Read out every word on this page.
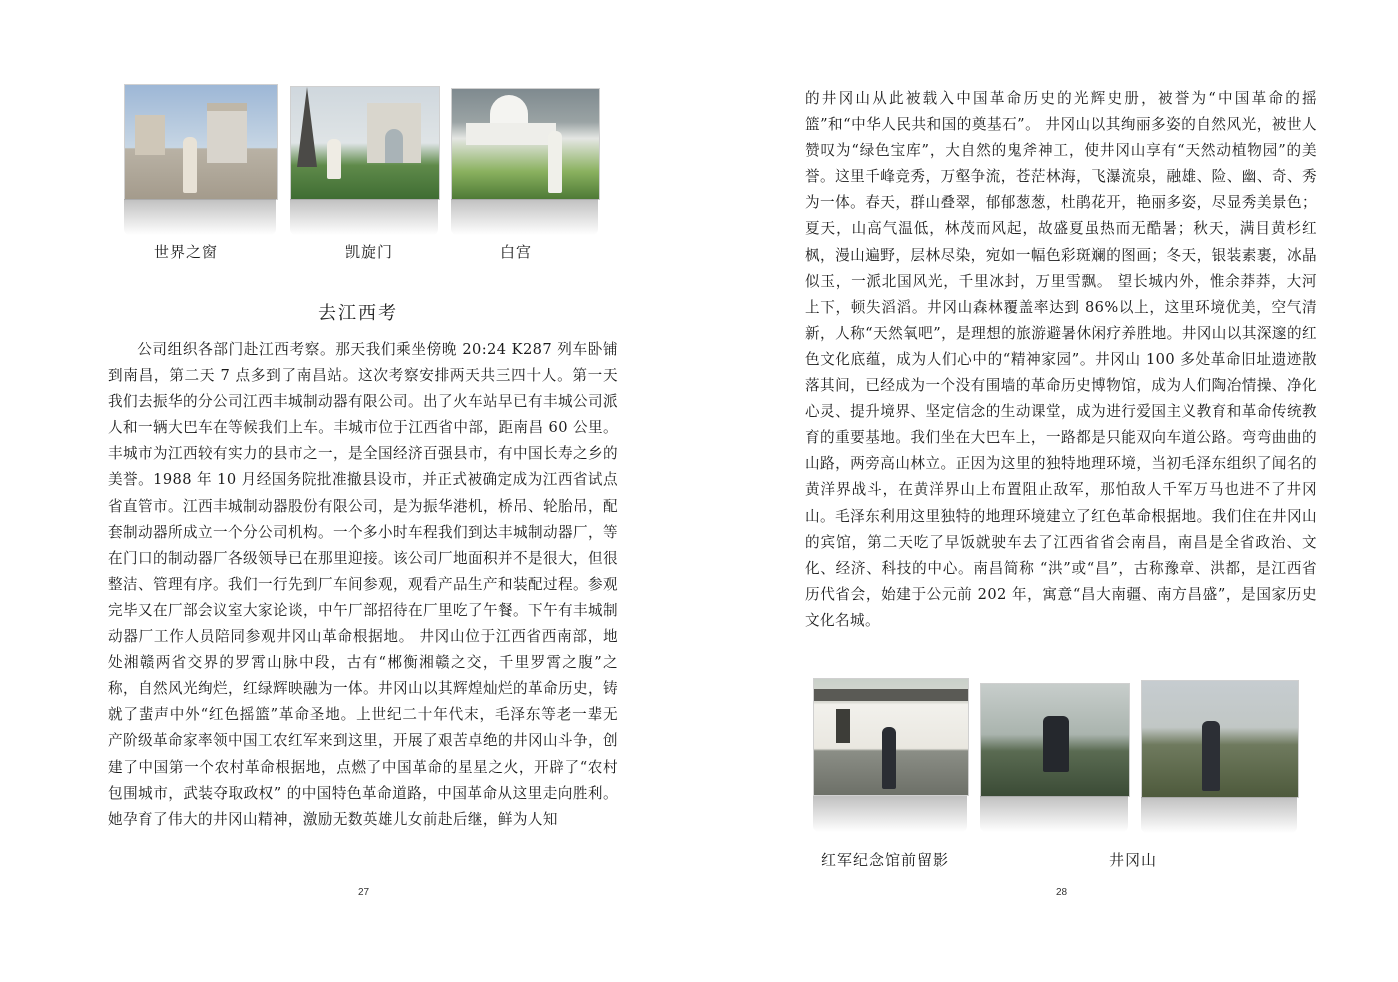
世界之窗	凯旋门	白宫
去江西考

公司组织各部门赴江西考察。那天我们乘坐傍晚 20:24 K287 列车卧铺到南昌，第二天 7 点多到了南昌站。这次考察安排两天共三四十人。第一天我们去振华的分公司江西丰城制动器有限公司。出了火车站早已有丰城公司派人和一辆大巴车在等候我们上车。丰城市位于江西省中部，距南昌 60 公里。丰城市为江西较有实力的县市之一，是全国经济百强县市，有中国长寿之乡的美誉。1988 年 10 月经国务院批准撤县设市，并正式被确定成为江西省试点省直管市。江西丰城制动器股份有限公司，是为振华港机，桥吊、轮胎吊，配套制动器所成立一个分公司机构。一个多小时车程我们到达丰城制动器厂，等在门口的制动器厂各级领导已在那里迎接。该公司厂地面积并不是很大，但很整洁、管理有序。我们一行先到厂车间参观，观看产品生产和装配过程。参观完毕又在厂部会议室大家论谈，中午厂部招待在厂里吃了午餐。下午有丰城制动器厂工作人员陪同参观井冈山革命根据地。 井冈山位于江西省西南部，地处湘赣两省交界的罗霄山脉中段，古有“郴衡湘赣之交，千里罗霄之腹”之称，自然风光绚烂，红绿辉映融为一体。井冈山以其辉煌灿烂的革命历史，铸就了蜚声中外“红色摇篮”革命圣地。上世纪二十年代末，毛泽东等老一辈无产阶级革命家率领中国工农红军来到这里，开展了艰苦卓绝的井冈山斗争，创建了中国第一个农村革命根据地，点燃了中国革命的星星之火，开辟了“农村包围城市，武装夺取政权” 的中国特色革命道路，中国革命从这里走向胜利。她孕育了伟大的井冈山精神，激励无数英雄儿女前赴后继，鲜为人知

27

的井冈山从此被载入中国革命历史的光辉史册，被誉为“中国革命的摇篮”和“中华人民共和国的奠基石”。 井冈山以其绚丽多姿的自然风光，被世人赞叹为“绿色宝库”，大自然的鬼斧神工，使井冈山享有“天然动植物园”的美誉。这里千峰竞秀，万壑争流，苍茫林海，飞瀑流泉，融雄、险、幽、奇、秀为一体。春天，群山叠翠，郁郁葱葱，杜鹃花开，艳丽多姿，尽显秀美景色；夏天，山高气温低，林茂而风起，故盛夏虽热而无酷暑；秋天，满目黄杉红枫，漫山遍野，层林尽染，宛如一幅色彩斑斓的图画；冬天，银装素裹，冰晶似玉，一派北国风光，千里冰封，万里雪飘。 望长城内外，惟余莽莽，大河上下，顿失滔滔。井冈山森林覆盖率达到 86%以上，这里环境优美，空气清新，人称“天然氧吧”，是理想的旅游避暑休闲疗养胜地。井冈山以其深邃的红色文化底蕴，成为人们心中的“精神家园”。井冈山 100 多处革命旧址遗迹散落其间，已经成为一个没有围墙的革命历史博物馆，成为人们陶冶情操、净化心灵、提升境界、坚定信念的生动课堂，成为进行爱国主义教育和革命传统教育的重要基地。我们坐在大巴车上，一路都是只能双向车道公路。弯弯曲曲的山路，两旁高山林立。正因为这里的独特地理环境，当初毛泽东组织了闻名的黄洋界战斗，在黄洋界山上布置阻止敌军，那怕敌人千军万马也进不了井冈山。毛泽东利用这里独特的地理环境建立了红色革命根据地。我们住在井冈山的宾馆，第二天吃了早饭就驶车去了江西省省会南昌，南昌是全省政治、文化、经济、科技的中心。南昌简称 “洪”或“昌”，古称豫章、洪都，是江西省历代省会，始建于公元前 202 年，寓意“昌大南疆、南方昌盛”，是国家历史文化名城。

红军纪念馆前留影	井冈山
28
